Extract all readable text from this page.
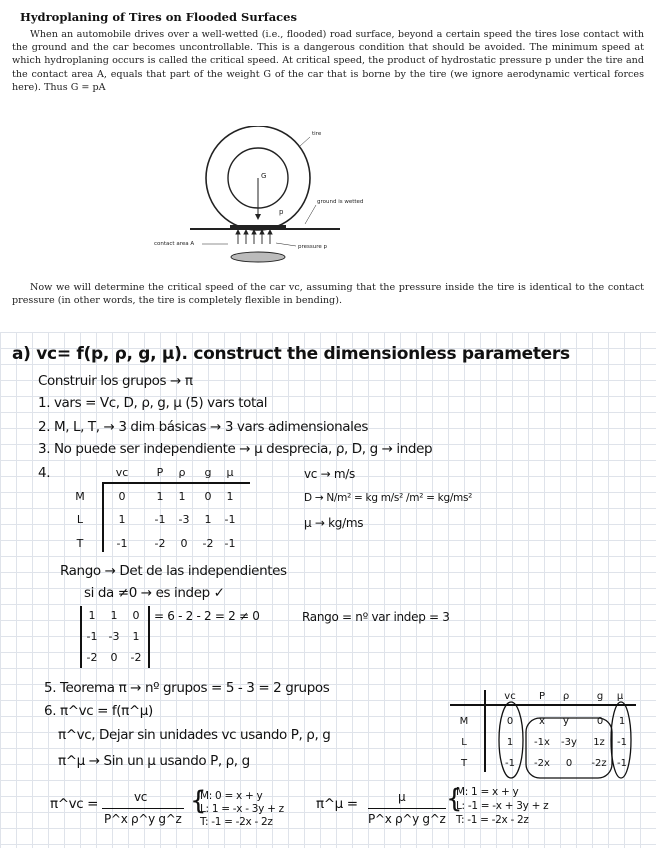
Hydroplaning of Tires on Flooded Surfaces
When an automobile drives over a well-wetted (i.e., flooded) road surface, beyond a certain speed the tires lose contact with the ground and the car becomes uncontrollable. This is a dangerous condition that should be avoided. The minimum speed at which hydroplaning occurs is called the critical speed. At critical speed, the product of hydrostatic pressure p under the tire and the contact area A, equals that part of the weight G of the car that is borne by the tire (we ignore aerodynamic vertical forces here). Thus G = pA
G
tire
ground is wetted
p
contact area A	pressure p
Now we will determine the critical speed of the car vc, assuming that the pressure inside the tire is identical to the contact pressure (in other words, the tire is completely flexible in bending).
a) vc= f(p, ρ, g, μ). construct the dimensionless parameters
Construir los grupos → π
1. vars = Vc, D, ρ, g, μ (5) vars total
2. M, L, T, → 3 dim básicas → 3 vars adimensionales
3. No puede ser independiente → μ desprecia, ρ, D, g → indep
4.	vc	P	ρ	g	μ
M	0	1	1	0	1
L	1	-1	-3	1	-1
T	-1	-2	0	-2	-1
vc → m/s
D → N/m² = kg m/s² /m² = kg/ms²
μ → kg/ms
Rango → Det de las independientes
si da ≠0 → es indep ✓
1	1	0
-1	-3	1
-2	0	-2
= 6 - 2 - 2 = 2 ≠ 0	Rango = nº var indep = 3
5. Teorema π → nº grupos = 5 - 3 = 2 grupos
6. π^vc = f(π^μ)
π^vc, Dejar sin unidades vc usando P, ρ, g
π^μ → Sin un μ usando P, ρ, g
vc	P	ρ	g	μ
M	0	x	y	0	1
L	1	-1x	-3y	1z	-1
T	-1	-2x	0	-2z	-1
π^vc =	vc
P^x ρ^y g^z
{
M: 0 = x + y
L: 1 = -x - 3y + z
T: -1 = -2x - 2z
π^μ =	μ
P^x ρ^y g^z
{
M: 1 = x + y
L: -1 = -x + 3y + z
T: -1 = -2x - 2z
